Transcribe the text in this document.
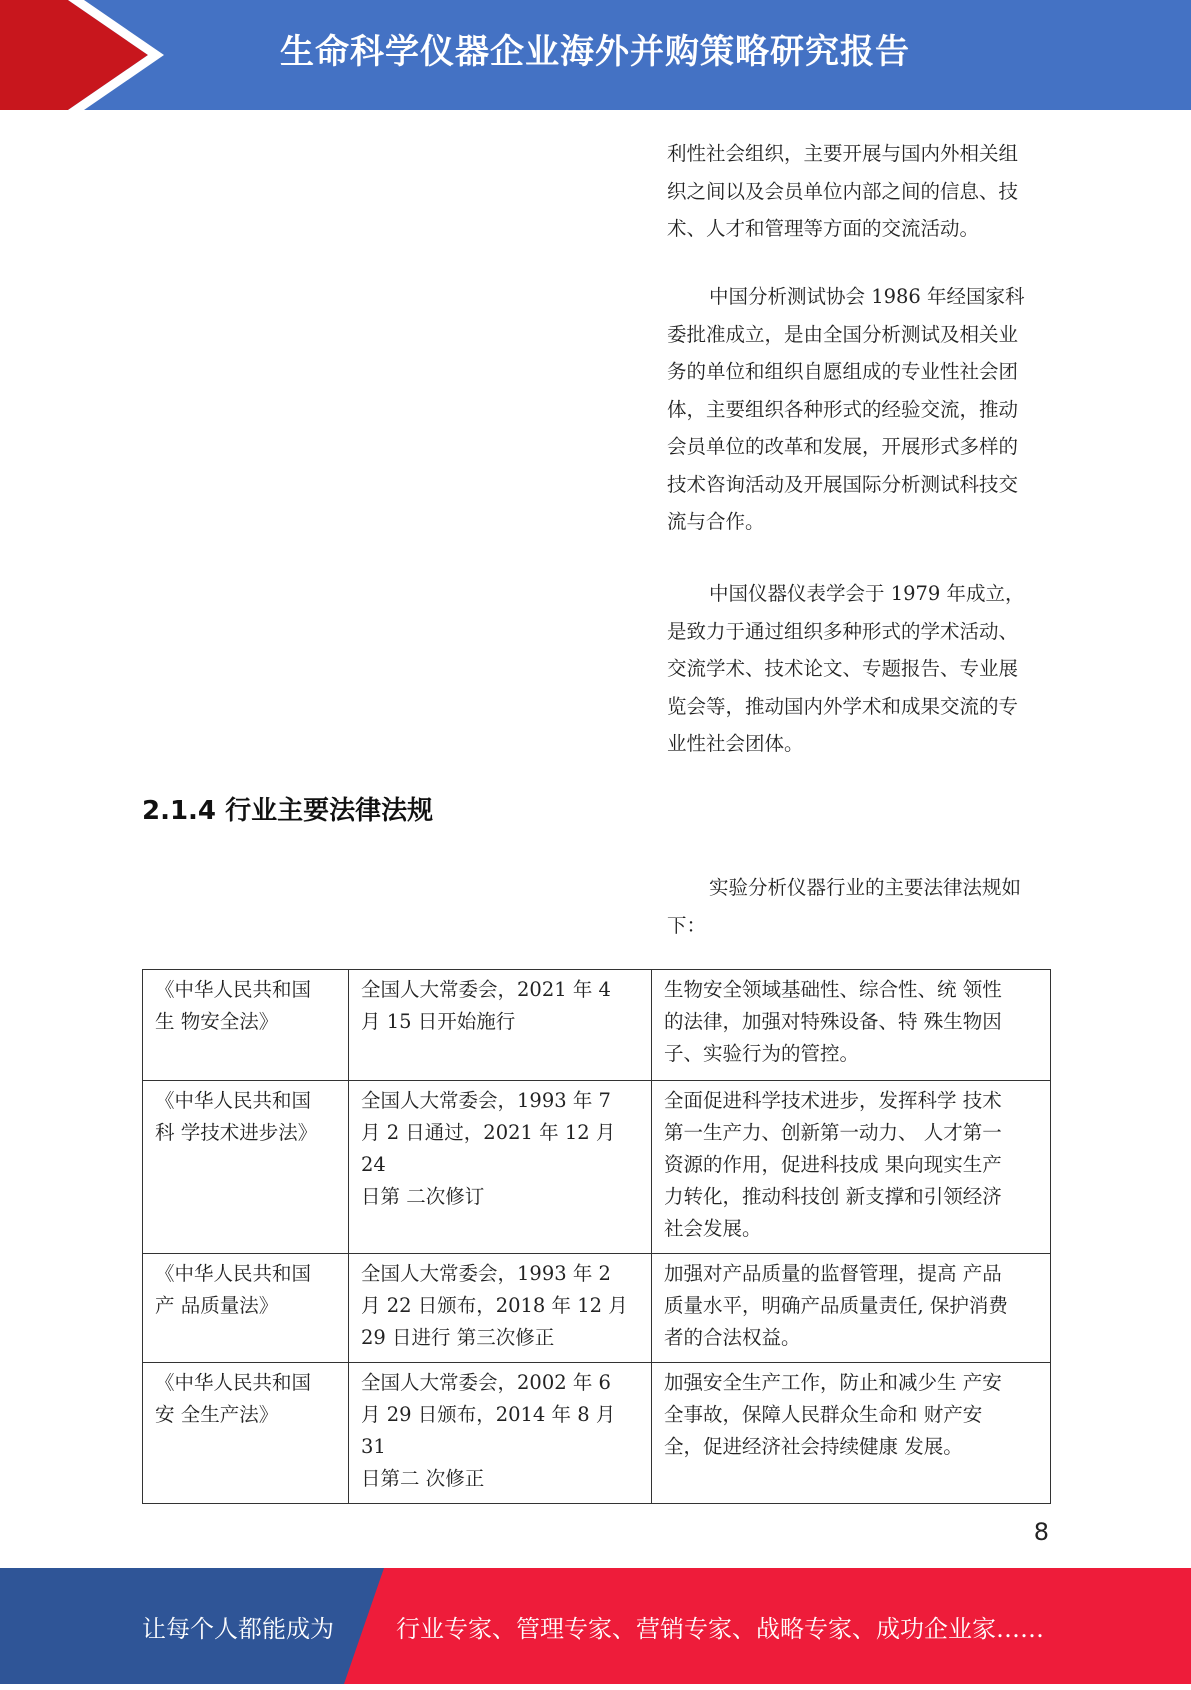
生命科学仪器企业海外并购策略研究报告

利性社会组织，主要开展与国内外相关组
织之间以及会员单位内部之间的信息、技
术、人才和管理等方面的交流活动。

中国分析测试协会 1986 年经国家科
委批准成立，是由全国分析测试及相关业
务的单位和组织自愿组成的专业性社会团
体，主要组织各种形式的经验交流，推动
会员单位的改革和发展，开展形式多样的
技术咨询活动及开展国际分析测试科技交
流与合作。

中国仪器仪表学会于 1979 年成立，
是致力于通过组织多种形式的学术活动、
交流学术、技术论文、专题报告、专业展
览会等，推动国内外学术和成果交流的专
业性社会团体。

2.1.4 行业主要法律法规

实验分析仪器行业的主要法律法规如
下：

《中华人民共和国
生 物安全法》	全国人大常委会，2021 年 4
月 15 日开始施行	生物安全领域基础性、综合性、统 领性
的法律，加强对特殊设备、特 殊生物因
子、实验行为的管控。
《中华人民共和国
科 学技术进步法》	全国人大常委会，1993 年 7
月 2 日通过，2021 年 12 月 24
日第 二次修订	全面促进科学技术进步，发挥科学 技术
第一生产力、创新第一动力、 人才第一
资源的作用，促进科技成 果向现实生产
力转化，推动科技创 新支撑和引领经济
社会发展。
《中华人民共和国
产 品质量法》	全国人大常委会，1993 年 2
月 22 日颁布，2018 年 12 月
29 日进行 第三次修正	加强对产品质量的监督管理，提高 产品
质量水平，明确产品质量责任, 保护消费
者的合法权益。
《中华人民共和国
安 全生产法》	全国人大常委会，2002 年 6
月 29 日颁布，2014 年 8 月 31
日第二 次修正	加强安全生产工作，防止和减少生 产安
全事故，保障人民群众生命和 财产安
全，促进经济社会持续健康 发展。
8
让每个人都能成为	行业专家、管理专家、营销专家、战略专家、成功企业家……
